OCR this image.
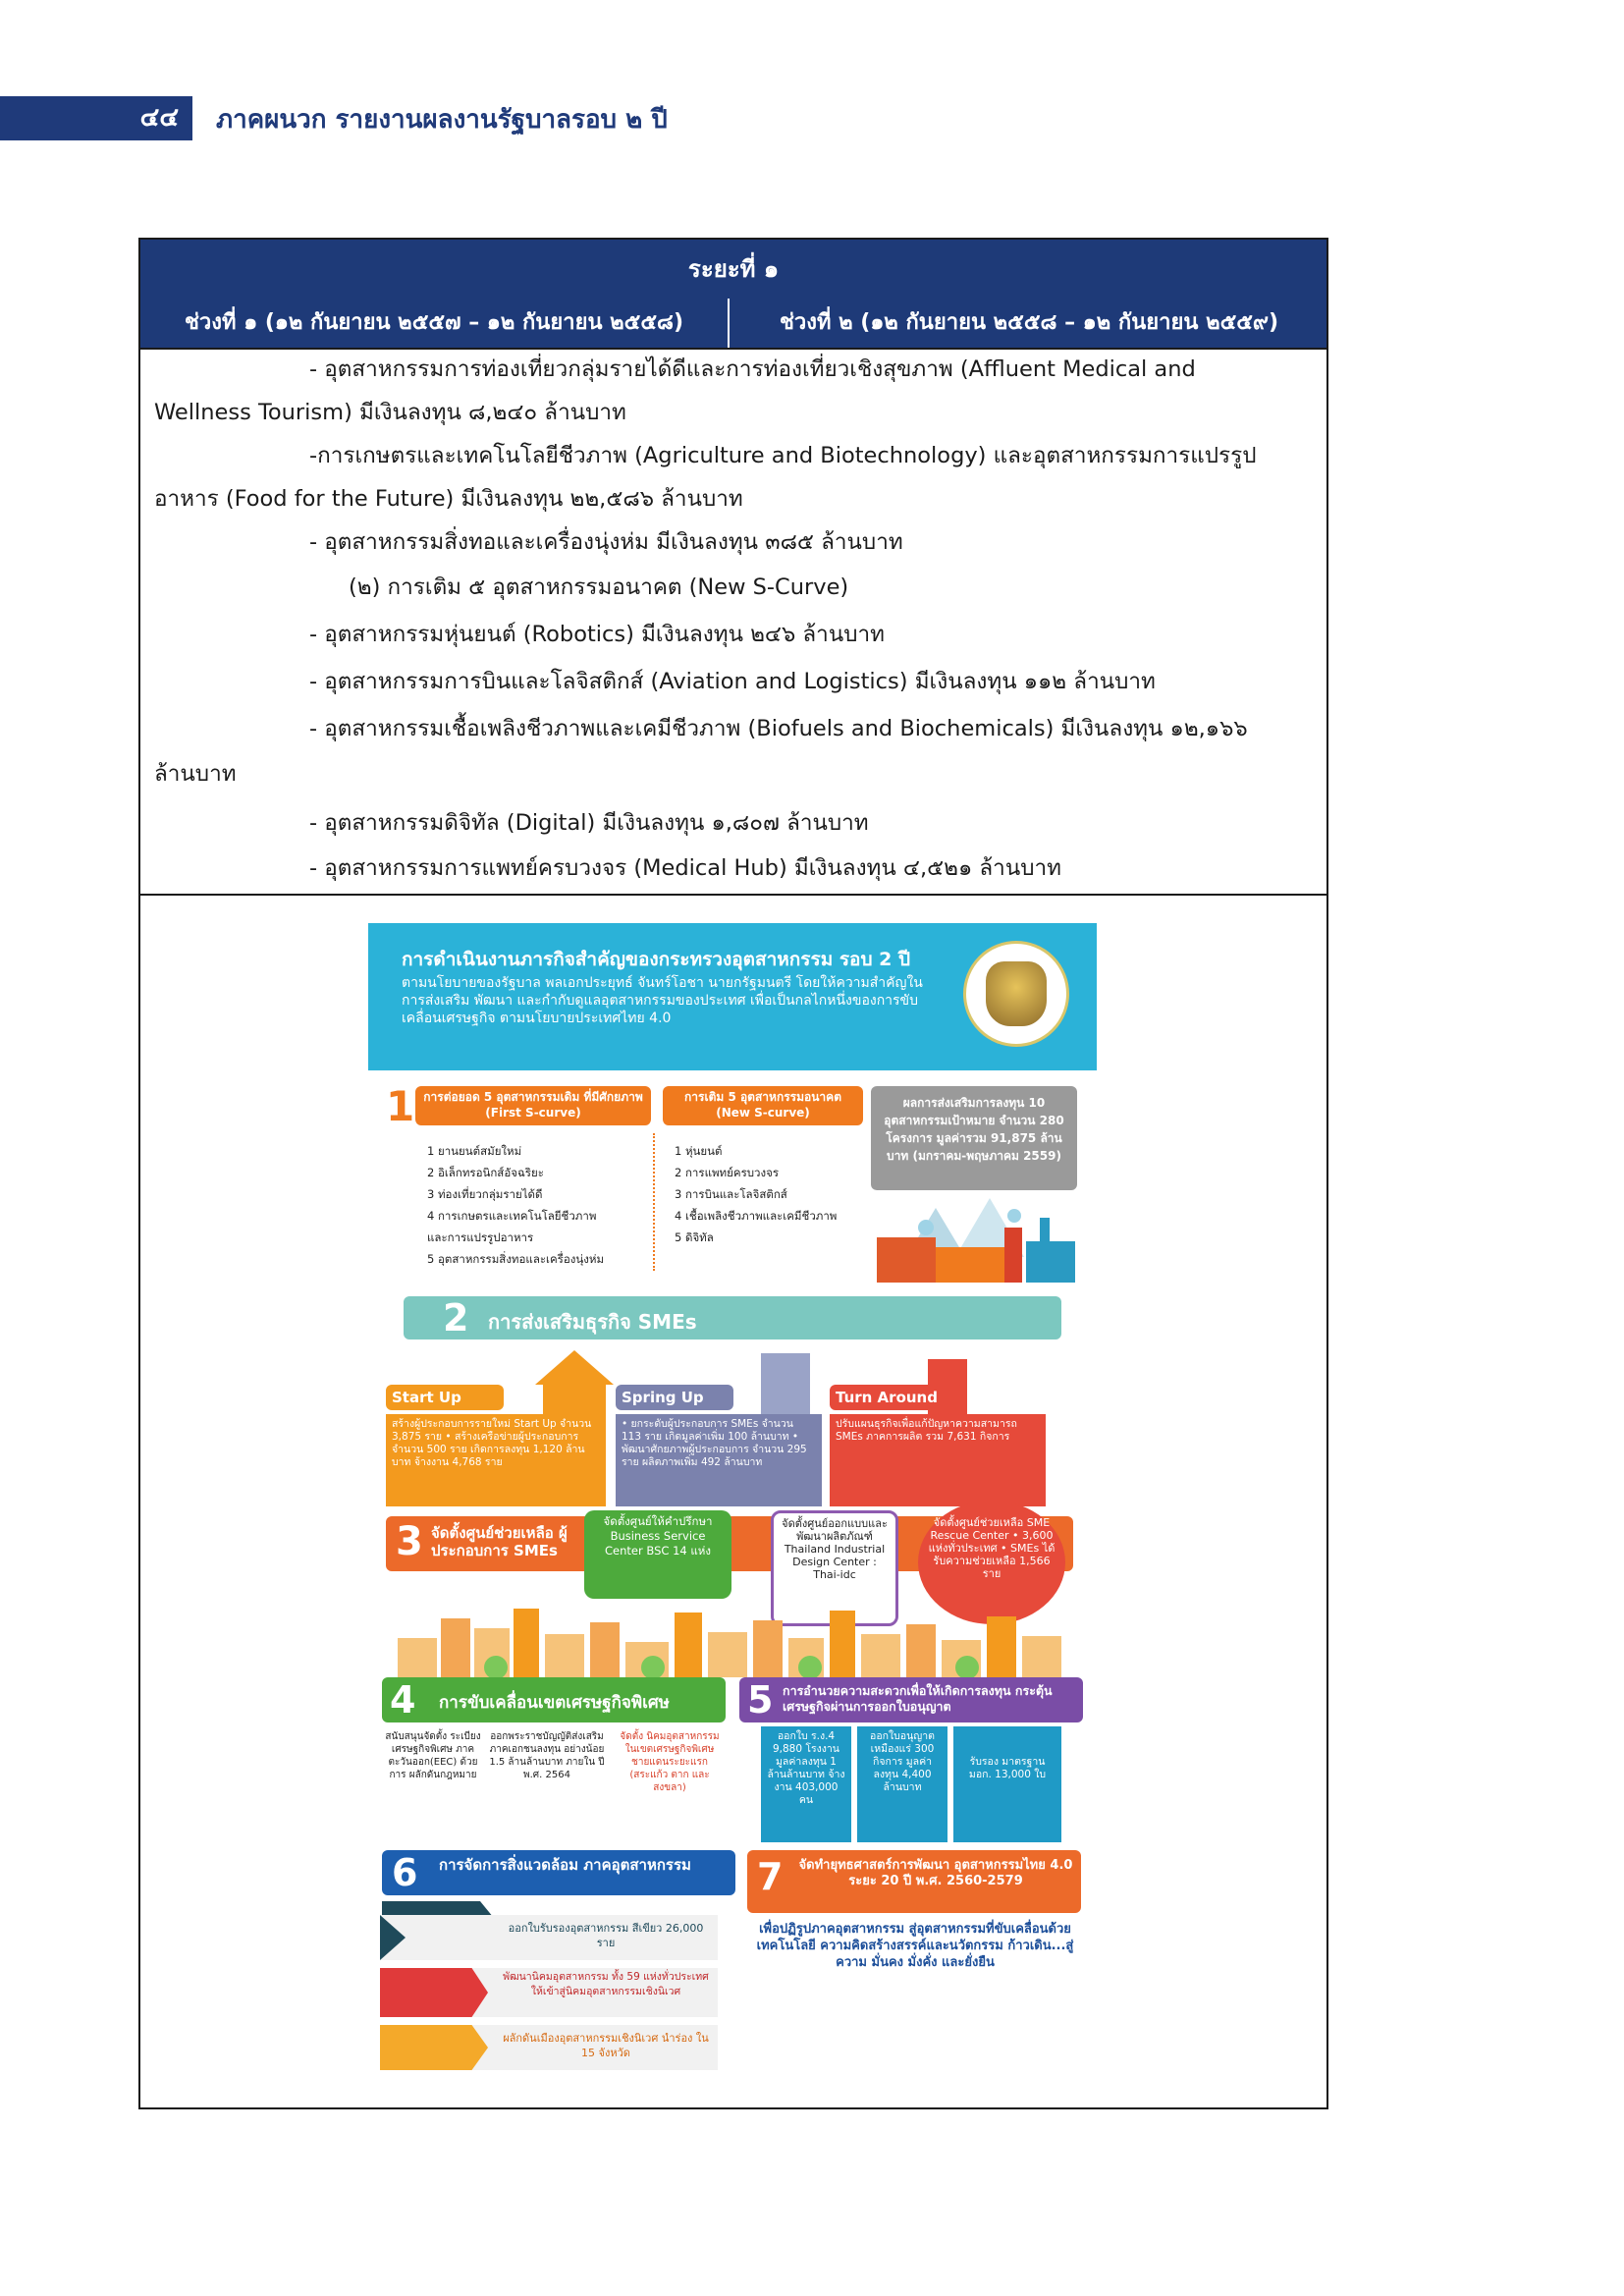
๔๔	ภาคผนวก รายงานผลงานรัฐบาลรอบ ๒ ปี
ระยะที่ ๑
ช่วงที่ ๑ (๑๒ กันยายน ๒๕๕๗ – ๑๒ กันยายน ๒๕๕๘)	ช่วงที่ ๒ (๑๒ กันยายน ๒๕๕๘ – ๑๒ กันยายน ๒๕๕๙)
- อุตสาหกรรมการท่องเที่ยวกลุ่มรายได้ดีและการท่องเที่ยวเชิงสุขภาพ (Affluent Medical and
Wellness Tourism) มีเงินลงทุน ๘,๒๔๐ ล้านบาท
-การเกษตรและเทคโนโลยีชีวภาพ (Agriculture and Biotechnology) และอุตสาหกรรมการแปรรูป
อาหาร (Food for the Future) มีเงินลงทุน ๒๒,๕๘๖ ล้านบาท
- อุตสาหกรรมสิ่งทอและเครื่องนุ่งห่ม มีเงินลงทุน ๓๘๕ ล้านบาท
(๒) การเติม ๕ อุตสาหกรรมอนาคต (New S-Curve)
- อุตสาหกรรมหุ่นยนต์ (Robotics) มีเงินลงทุน ๒๔๖ ล้านบาท
- อุตสาหกรรมการบินและโลจิสติกส์ (Aviation and Logistics) มีเงินลงทุน ๑๑๒ ล้านบาท
- อุตสาหกรรมเชื้อเพลิงชีวภาพและเคมีชีวภาพ (Biofuels and Biochemicals) มีเงินลงทุน ๑๒,๑๖๖
ล้านบาท
- อุตสาหกรรมดิจิทัล (Digital) มีเงินลงทุน ๑,๘๐๗ ล้านบาท
- อุตสาหกรรมการแพทย์ครบวงจร (Medical Hub) มีเงินลงทุน ๔,๕๒๑ ล้านบาท
การดำเนินงานภารกิจสำคัญของกระทรวงอุตสาหกรรม รอบ 2 ปี
ตามนโยบายของรัฐบาล พลเอกประยุทธ์ จันทร์โอชา นายกรัฐมนตรี โดยให้ความสำคัญในการส่งเสริม พัฒนา และกำกับดูแลอุตสาหกรรมของประเทศ เพื่อเป็นกลไกหนึ่งของการขับเคลื่อนเศรษฐกิจ ตามนโยบายประเทศไทย 4.0
1 การต่อยอด 5 อุตสาหกรรมเดิม ที่มีศักยภาพ (First S-curve)
การเติม 5 อุตสาหกรรมอนาคต (New S-curve)
ผลการส่งเสริมการลงทุน 10 อุตสาหกรรมเป้าหมาย จำนวน 280 โครงการ มูลค่ารวม 91,875 ล้านบาท (มกราคม-พฤษภาคม 2559)
1 ยานยนต์สมัยใหม่
2 อิเล็กทรอนิกส์อัจฉริยะ
3 ท่องเที่ยวกลุ่มรายได้ดี
4 การเกษตรและเทคโนโลยีชีวภาพ
และการแปรรูปอาหาร
5 อุตสาหกรรมสิ่งทอและเครื่องนุ่งห่ม
1 หุ่นยนต์
2 การแพทย์ครบวงจร
3 การบินและโลจิสติกส์
4 เชื้อเพลิงชีวภาพและเคมีชีวภาพ
5 ดิจิทัล
2 การส่งเสริมธุรกิจ SMEs
Start Up
สร้างผู้ประกอบการรายใหม่ Start Up จำนวน 3,875 ราย • สร้างเครือข่ายผู้ประกอบการ จำนวน 500 ราย เกิดการลงทุน 1,120 ล้านบาท จ้างงาน 4,768 ราย
Spring Up
• ยกระดับผู้ประกอบการ SMEs จำนวน 113 ราย เกิดมูลค่าเพิ่ม 100 ล้านบาท • พัฒนาศักยภาพผู้ประกอบการ จำนวน 295 ราย ผลิตภาพเพิ่ม 492 ล้านบาท
Turn Around
ปรับแผนธุรกิจเพื่อแก้ปัญหาความสามารถ SMEs ภาคการผลิต รวม 7,631 กิจการ
3 จัดตั้งศูนย์ช่วยเหลือ ผู้ประกอบการ SMEs
จัดตั้งศูนย์ให้คำปรึกษา Business Service Center BSC 14 แห่ง
จัดตั้งศูนย์ออกแบบและพัฒนาผลิตภัณฑ์ Thailand Industrial Design Center : Thai-idc
จัดตั้งศูนย์ช่วยเหลือ SME Rescue Center • 3,600 แห่งทั่วประเทศ • SMEs ได้รับความช่วยเหลือ 1,566 ราย
4 การขับเคลื่อนเขตเศรษฐกิจพิเศษ
สนับสนุนจัดตั้ง ระเบียงเศรษฐกิจพิเศษ ภาคตะวันออก(EEC) ด้วยการ ผลักดันกฎหมาย
ออกพระราชบัญญัติส่งเสริม ภาคเอกชนลงทุน อย่างน้อย 1.5 ล้านล้านบาท ภายใน ปี พ.ศ. 2564
จัดตั้ง นิคมอุตสาหกรรม ในเขตเศรษฐกิจพิเศษ ชายแดนระยะแรก (สระแก้ว ตาก และสงขลา)
5 การอำนวยความสะดวกเพื่อให้เกิดการลงทุน กระตุ้นเศรษฐกิจผ่านการออกใบอนุญาต
ออกใบ ร.ง.4 9,880 โรงงาน มูลค่าลงทุน 1 ล้านล้านบาท จ้างงาน 403,000 คน
ออกใบอนุญาต เหมืองแร่ 300 กิจการ มูลค่าลงทุน 4,400 ล้านบาท
รับรอง มาตรฐาน มอก. 13,000 ใบ
6 การจัดการสิ่งแวดล้อม ภาคอุตสาหกรรม	7 จัดทำยุทธศาสตร์การพัฒนา อุตสาหกรรมไทย 4.0 ระยะ 20 ปี พ.ศ. 2560-2579
เพื่อปฏิรูปภาคอุตสาหกรรม สู่อุตสาหกรรมที่ขับเคลื่อนด้วยเทคโนโลยี ความคิดสร้างสรรค์และนวัตกรรม ก้าวเดิน...สู่ความ มั่นคง มั่งคั่ง และยั่งยืน
ออกใบรับรองอุตสาหกรรม สีเขียว 26,000 ราย
พัฒนานิคมอุตสาหกรรม ทั้ง 59 แห่งทั่วประเทศ ให้เข้าสู่นิคมอุตสาหกรรมเชิงนิเวศ
ผลักดันเมืองอุตสาหกรรมเชิงนิเวศ นำร่อง ใน 15 จังหวัด
